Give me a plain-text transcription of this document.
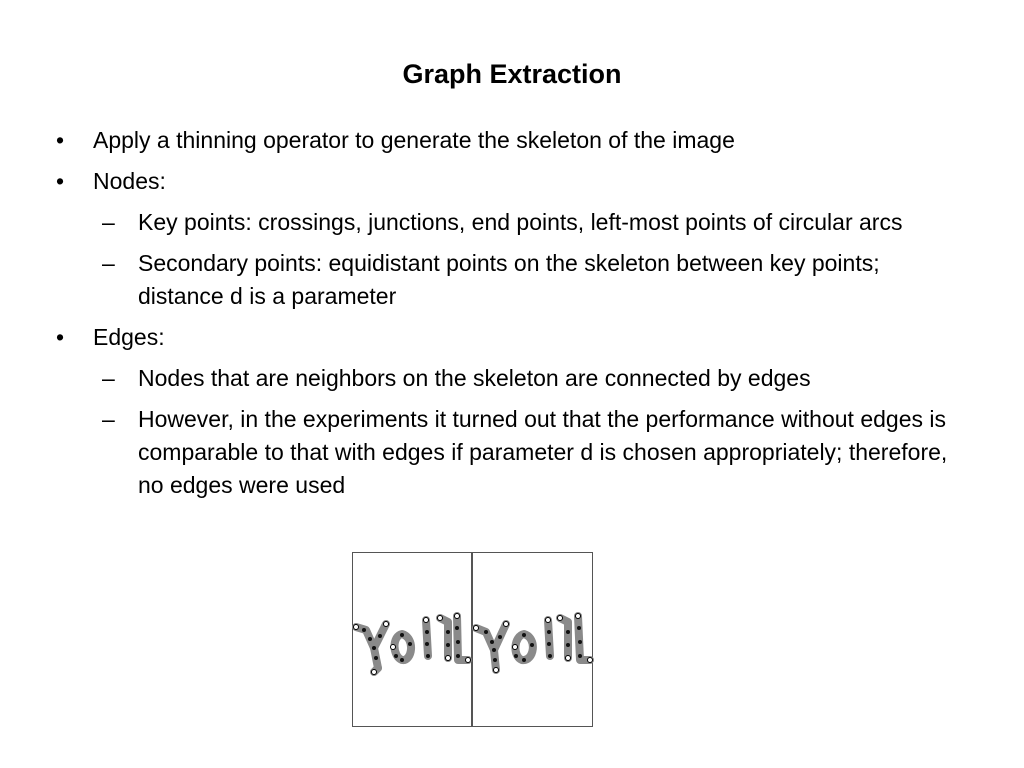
Graph Extraction
•	Apply a thinning operator to generate the skeleton of the image
•	Nodes:
– Key points: crossings, junctions, end points, left-most points of circular arcs
– Secondary points: equidistant points on the skeleton between key points; distance d is a parameter
•	Edges:
– Nodes that are neighbors on the skeleton are connected by edges
– However, in the experiments it turned out that the performance without edges is comparable to that with edges if parameter d is chosen appropriately; therefore, no edges were used
